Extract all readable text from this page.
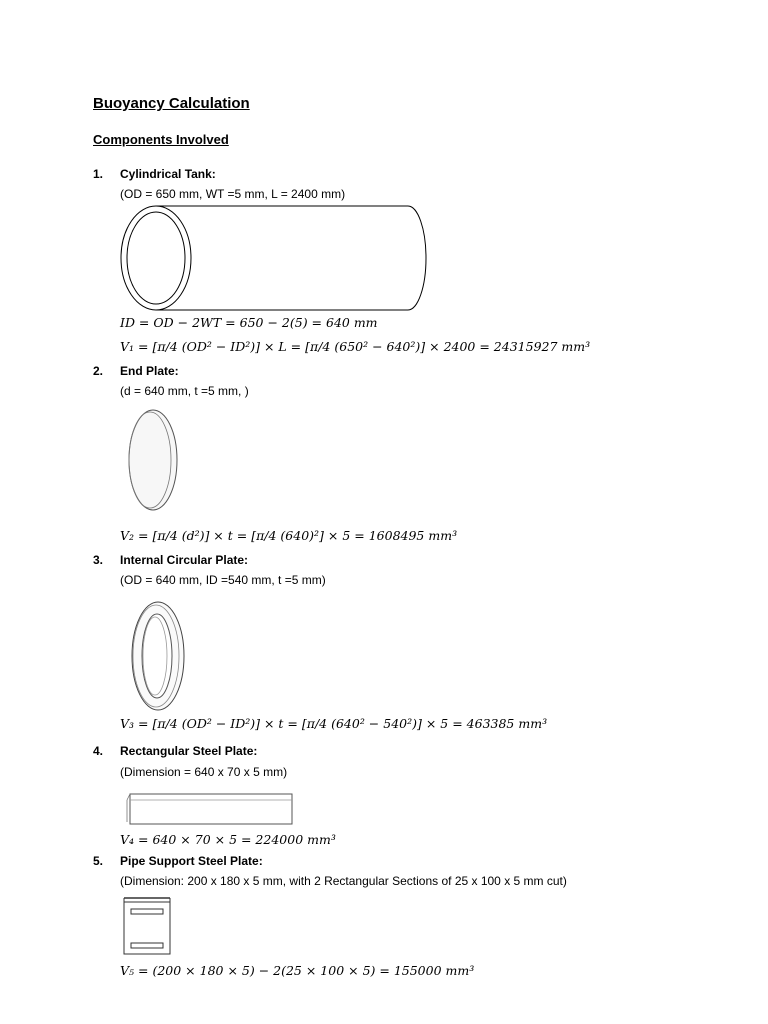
Buoyancy Calculation
Components Involved
1. Cylindrical Tank:
(OD = 650 mm, WT =5 mm, L = 2400 mm)
ID = OD − 2WT = 650 − 2(5) = 640 mm
V₁ = [π/4 (OD² − ID²)] × L = [π/4 (650² − 640²)] × 2400 = 24315927 mm³
2. End Plate:
(d = 640 mm, t =5 mm, )
V₂ = [π/4 (d²)] × t = [π/4 (640)²] × 5 = 1608495 mm³
3. Internal Circular Plate:
(OD = 640 mm, ID =540 mm, t =5 mm)
V₃ = [π/4 (OD² − ID²)] × t = [π/4 (640² − 540²)] × 5 = 463385 mm³
4. Rectangular Steel Plate:
(Dimension = 640 x 70 x 5 mm)
V₄ = 640 × 70 × 5 = 224000 mm³
5. Pipe Support Steel Plate:
(Dimension: 200 x 180 x 5 mm, with 2 Rectangular Sections of 25 x 100 x 5 mm cut)
V₅ = (200 × 180 × 5) − 2(25 × 100 × 5) = 155000 mm³
